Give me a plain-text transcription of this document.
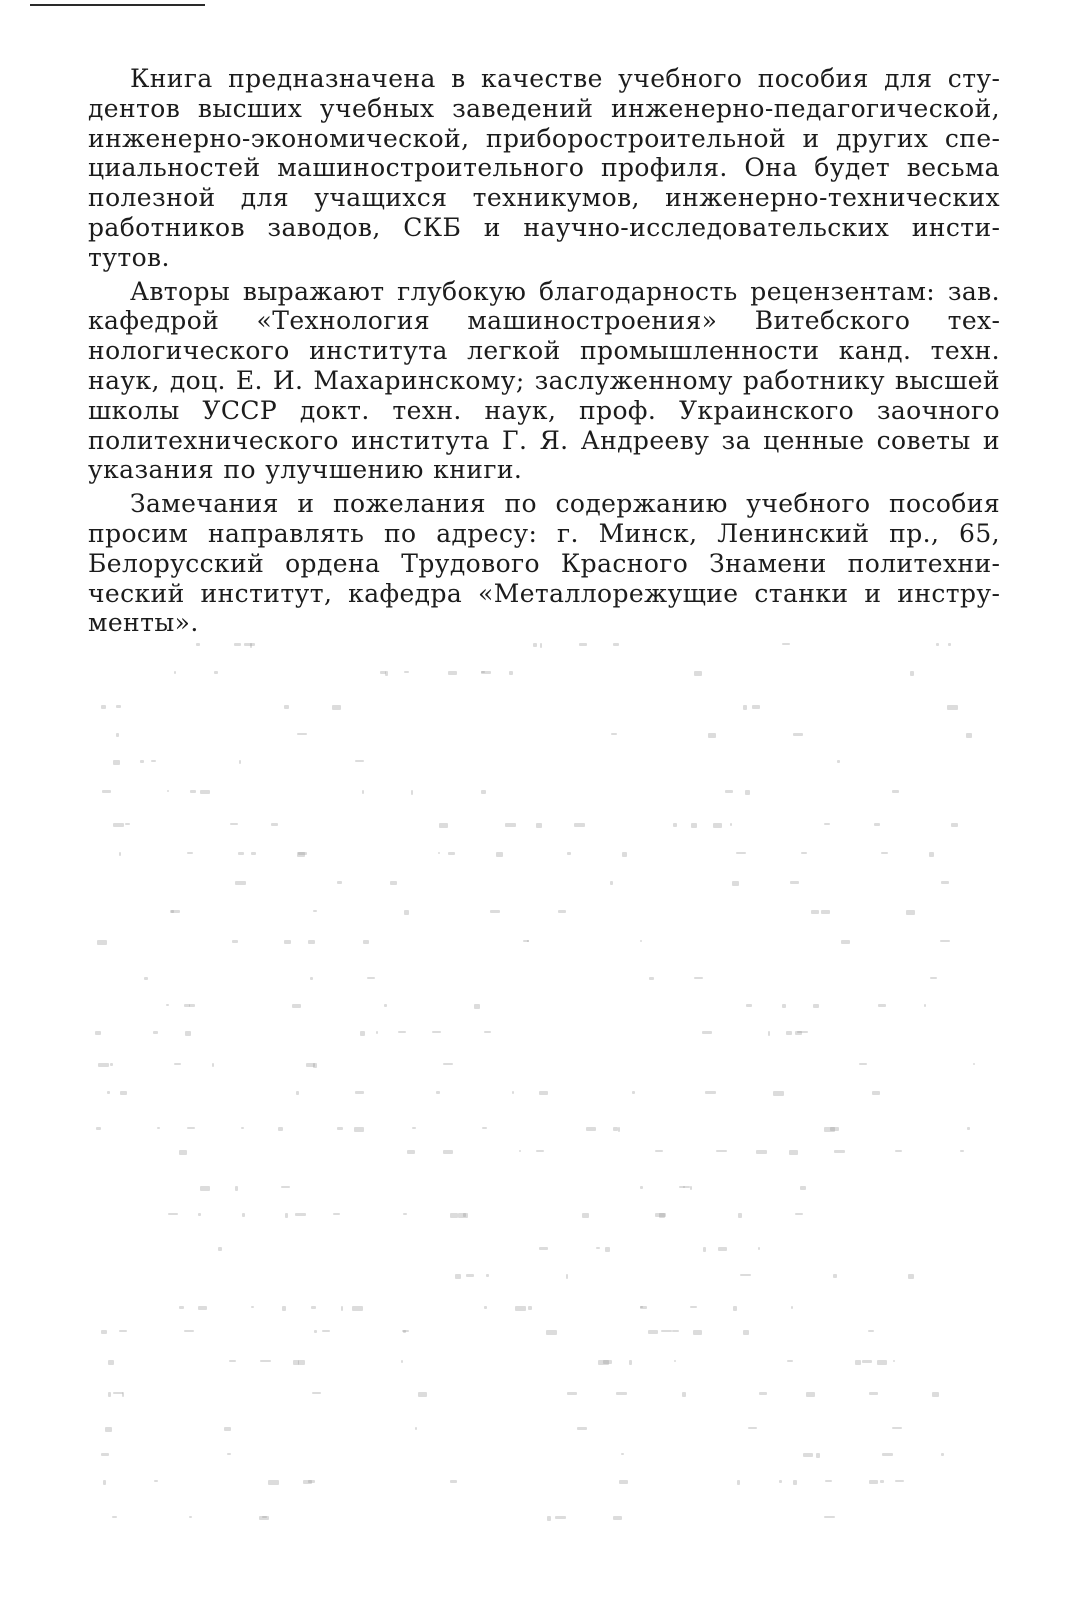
Книга предназначена в качестве учебного пособия для студентов высших учебных заведений инженерно-педагогической, инженерно-экономической, приборостроительной и других специальностей машиностроительного профиля. Она будет весьма полезной для учащихся техникумов, инженерно-технических работников заводов, СКБ и научно-исследовательских институтов.

Авторы выражают глубокую благодарность рецензентам: зав. кафедрой «Технология машиностроения» Витебского технологического института легкой промышленности канд. техн. наук, доц. Е. И. Махаринскому; заслуженному работнику высшей школы УССР докт. техн. наук, проф. Украинского заочного политехнического института Г. Я. Андрееву за ценные советы и указания по улучшению книги.

Замечания и пожелания по содержанию учебного пособия просим направлять по адресу: г. Минск, Ленинский пр., 65, Белорусский ордена Трудового Красного Знамени политехнический институт, кафедра «Металлорежущие станки и инструменты».
